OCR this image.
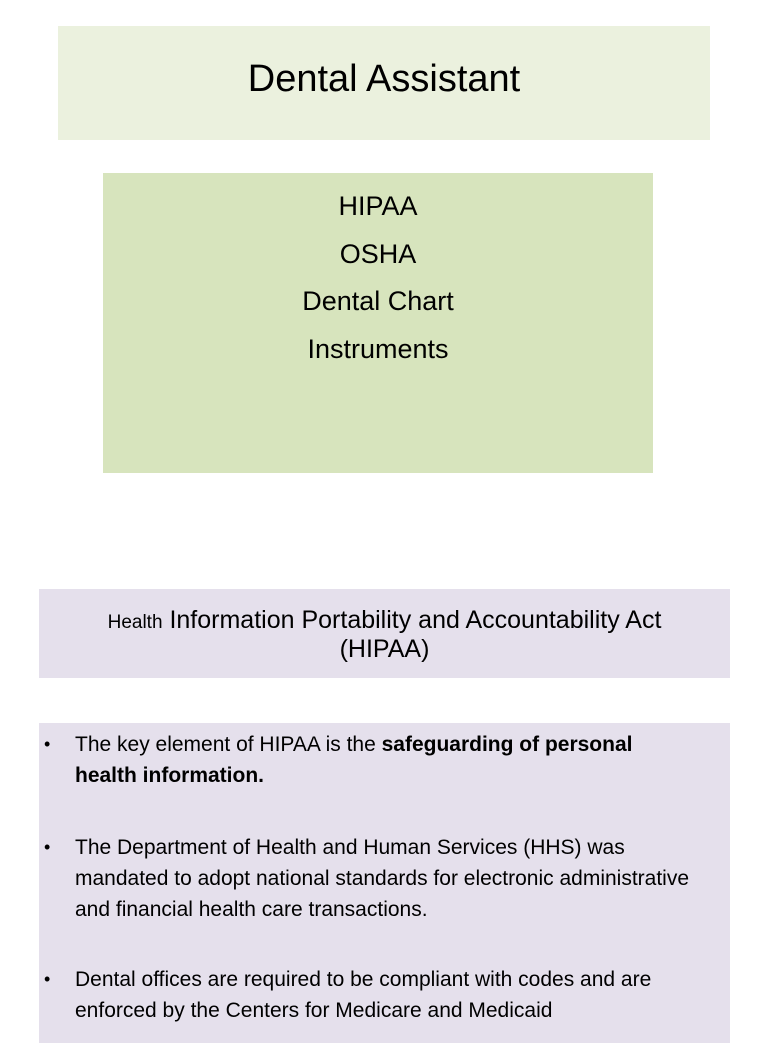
Dental Assistant
HIPAA
OSHA
Dental Chart
Instruments
Health Information Portability and Accountability Act
(HIPAA)
• The key element of HIPAA is the safeguarding of personal health information.
• The Department of Health and Human Services (HHS) was mandated to adopt national standards for electronic administrative and financial health care transactions.
• Dental offices are required to be compliant with codes and are enforced by the Centers for Medicare and Medicaid
